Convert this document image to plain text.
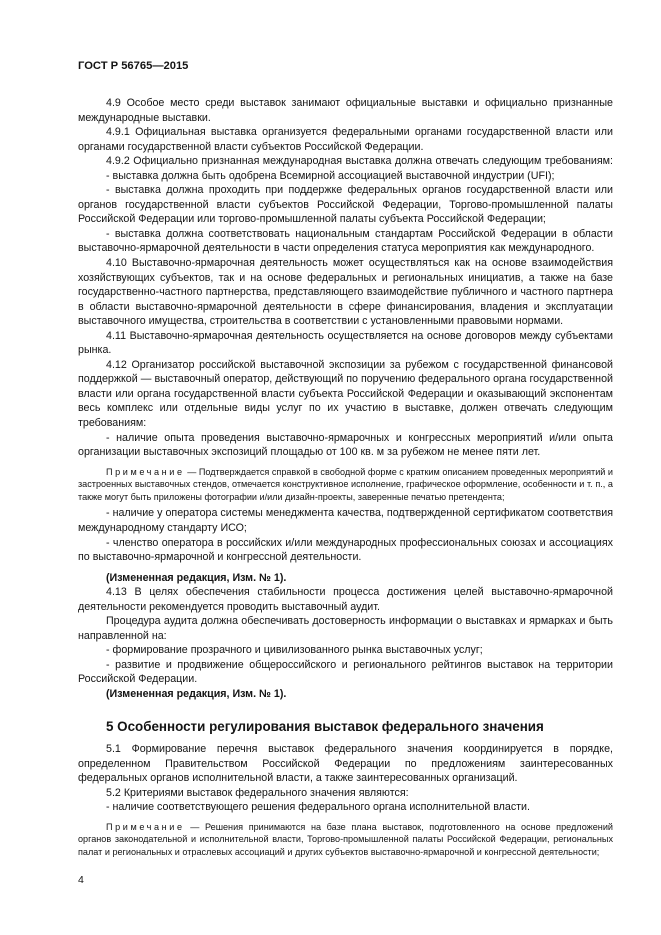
ГОСТ Р 56765—2015

4.9 Особое место среди выставок занимают официальные выставки и официально признанные международные выставки.

4.9.1 Официальная выставка организуется федеральными органами государственной власти или органами государственной власти субъектов Российской Федерации.

4.9.2 Официально признанная международная выставка должна отвечать следующим требованиям:

- выставка должна быть одобрена Всемирной ассоциацией выставочной индустрии (UFI);

- выставка должна проходить при поддержке федеральных органов государственной власти или органов государственной власти субъектов Российской Федерации, Торгово-промышленной палаты Российской Федерации или торгово-промышленной палаты субъекта Российской Федерации;

- выставка должна соответствовать национальным стандартам Российской Федерации в области выставочно-ярмарочной деятельности в части определения статуса мероприятия как международного.

4.10 Выставочно-ярмарочная деятельность может осуществляться как на основе взаимодействия хозяйствующих субъектов, так и на основе федеральных и региональных инициатив, а также на базе государственно-частного партнерства, представляющего взаимодействие публичного и частного партнера в области выставочно-ярмарочной деятельности в сфере финансирования, владения и эксплуатации выставочного имущества, строительства в соответствии с установленными правовыми нормами.

4.11 Выставочно-ярмарочная деятельность осуществляется на основе договоров между субъектами рынка.

4.12 Организатор российской выставочной экспозиции за рубежом с государственной финансовой поддержкой — выставочный оператор, действующий по поручению федерального органа государственной власти или органа государственной власти субъекта Российской Федерации и оказывающий экспонентам весь комплекс или отдельные виды услуг по их участию в выставке, должен отвечать следующим требованиям:

- наличие опыта проведения выставочно-ярмарочных и конгрессных мероприятий и/или опыта организации выставочных экспозиций площадью от 100 кв. м за рубежом не менее пяти лет.

Примечание — Подтверждается справкой в свободной форме с кратким описанием проведенных мероприятий и застроенных выставочных стендов, отмечается конструктивное исполнение, графическое оформление, особенности и т. п., а также могут быть приложены фотографии и/или дизайн-проекты, заверенные печатью претендента;

- наличие у оператора системы менеджмента качества, подтвержденной сертификатом соответствия международному стандарту ИСО;

- членство оператора в российских и/или международных профессиональных союзах и ассоциациях по выставочно-ярмарочной и конгрессной деятельности.

(Измененная редакция, Изм. № 1).

4.13 В целях обеспечения стабильности процесса достижения целей выставочно-ярмарочной деятельности рекомендуется проводить выставочный аудит.

Процедура аудита должна обеспечивать достоверность информации о выставках и ярмарках и быть направленной на:

- формирование прозрачного и цивилизованного рынка выставочных услуг;

- развитие и продвижение общероссийского и регионального рейтингов выставок на территории Российской Федерации.

(Измененная редакция, Изм. № 1).

5 Особенности регулирования выставок федерального значения

5.1 Формирование перечня выставок федерального значения координируется в порядке, определенном Правительством Российской Федерации по предложениям заинтересованных федеральных органов исполнительной власти, а также заинтересованных организаций.

5.2 Критериями выставок федерального значения являются:

- наличие соответствующего решения федерального органа исполнительной власти.

Примечание — Решения принимаются на базе плана выставок, подготовленного на основе предложений органов законодательной и исполнительной власти, Торгово-промышленной палаты Российской Федерации, региональных палат и региональных и отраслевых ассоциаций и других субъектов выставочно-ярмарочной и конгрессной деятельности;

4
